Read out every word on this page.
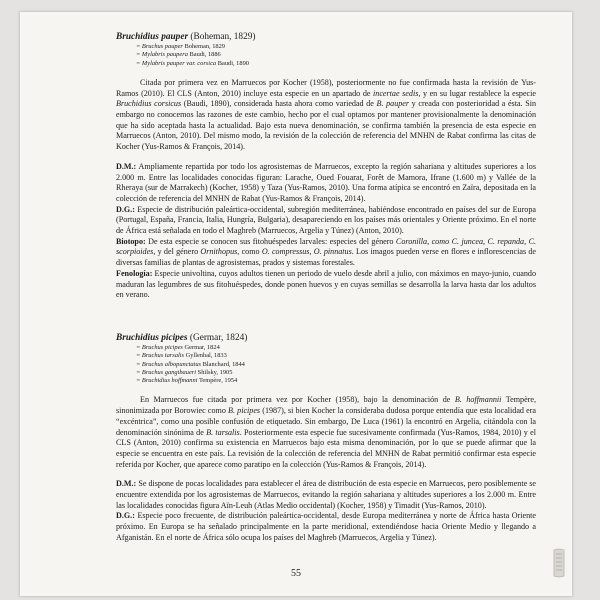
Bruchidius pauper (Boheman, 1829)

= Bruchus pauper Boheman, 1829
= Mylabris paupera Baudi, 1886
= Mylabris pauper var. corsica Baudi, 1890

Citada por primera vez en Marruecos por Kocher (1958), posteriormente no fue confirmada hasta la revisión de Yus-Ramos (2010). El CLS (Anton, 2010) incluye esta especie en un apartado de incertae sedis, y en su lugar restablece la especie Bruchidius corsicus (Baudi, 1890), considerada hasta ahora como variedad de B. pauper y creada con posterioridad a ésta. Sin embargo no conocemos las razones de este cambio, hecho por el cual optamos por mantener provisionalmente la denominación que ha sido aceptada hasta la actualidad. Bajo esta nueva denominación, se confirma también la presencia de esta especie en Marruecos (Anton, 2010). Del mismo modo, la revisión de la colección de referencia del MNHN de Rabat confirma las citas de Kocher (Yus-Ramos & François, 2014).

D.M.: Ampliamente repartida por todo los agrosistemas de Marruecos, excepto la región sahariana y altitudes superiores a los 2.000 m. Entre las localidades conocidas figuran: Larache, Oued Fouarat, Forêt de Mamora, Ifrane (1.600 m) y Vallée de la Rheraya (sur de Marrakech) (Kocher, 1958) y Taza (Yus-Ramos, 2010). Una forma atípica se encontró en Zaïra, depositada en la colección de referencia del MNHN de Rabat (Yus-Ramos & François, 2014).

D.G.: Especie de distribución paleártica-occidental, subregión mediterránea, habiéndose encontrado en países del sur de Europa (Portugal, España, Francia, Italia, Hungría, Bulgaria), desapareciendo en los países más orientales y Oriente próximo. En el norte de África está señalada en todo el Maghreb (Marruecos, Argelia y Túnez) (Anton, 2010).

Biotopo: De esta especie se conocen sus fitohuéspedes larvales: especies del género Coronilla, como C. juncea, C. repanda, C. scorpioides, y del género Ornithopus, como O. compressus, O. pinnatus. Los imagos pueden verse en flores e inflorescencias de diversas familias de plantas de agrosistemas, prados y sistemas forestales.

Fenología: Especie univoltina, cuyos adultos tienen un periodo de vuelo desde abril a julio, con máximos en mayo-junio, cuando maduran las legumbres de sus fitohuéspedes, donde ponen huevos y en cuyas semillas se desarrolla la larva hasta dar los adultos en verano.

Bruchidius picipes (Germar, 1824)

= Bruchus picipes Germar, 1824
= Bruchus tarsalis Gyllenhal, 1833
= Bruchus albopunctatus Blanchard, 1844
= Bruchus gangibaueri Shilsky, 1905
= Bruchidius hoffmanni Tempère, 1954

En Marruecos fue citada por primera vez por Kocher (1958), bajo la denominación de B. hoffmannii Tempère, sinonimizada por Borowiec como B. picipes (1987), si bien Kocher la consideraba dudosa porque entendía que esta localidad era “excéntrica”, como una posible confusión de etiquetado. Sin embargo, De Luca (1961) la encontró en Argelia, citándola con la denominación sinónima de B. tarsalis. Posteriormente esta especie fue sucesivamente confirmada (Yus-Ramos, 1984, 2010) y el CLS (Anton, 2010) confirma su existencia en Marruecos bajo esta misma denominación, por lo que se puede afirmar que la especie se encuentra en este país. La revisión de la colección de referencia del MNHN de Rabat permitió confirmar esta especie referida por Kocher, que aparece como paratipo en la colección (Yus-Ramos & François, 2014).

D.M.: Se dispone de pocas localidades para establecer el área de distribución de esta especie en Marruecos, pero posiblemente se encuentre extendida por los agrosistemas de Marruecos, evitando la región sahariana y altitudes superiores a los 2.000 m. Entre las localidades conocidas figura Aïn-Leuh (Atlas Medio occidental) (Kocher, 1958) y Timadit (Yus-Ramos, 2010).

D.G.: Especie poco frecuente, de distribución paleártica-occidental, desde Europa mediterránea y norte de África hasta Oriente próximo. En Europa se ha señalado principalmente en la parte meridional, extendiéndose hacia Oriente Medio y llegando a Afganistán. En el norte de África sólo ocupa los países del Maghreb (Marruecos, Argelia y Túnez).

55
